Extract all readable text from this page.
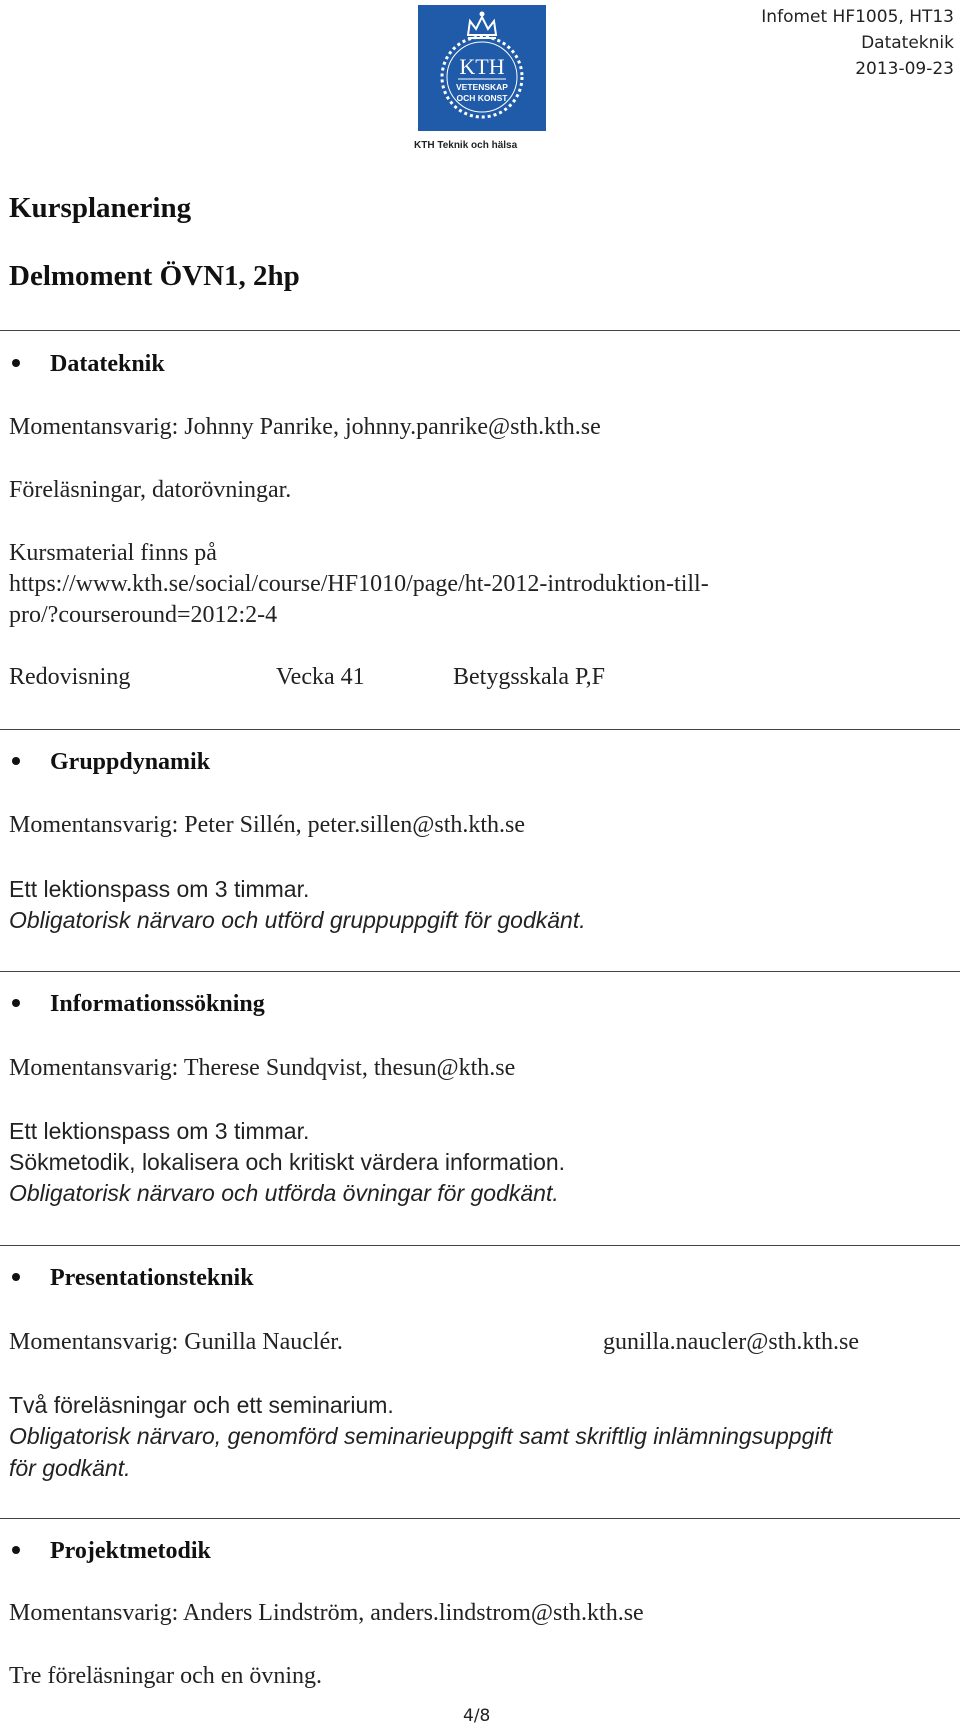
KTH
VETENSKAP
OCH KONST
KTH Teknik och hälsa
Infomet HF1005, HT13
Datateknik
2013-09-23
Kursplanering
Delmoment ÖVN1, 2hp
Datateknik
Momentansvarig: Johnny Panrike, johnny.panrike@sth.kth.se
Föreläsningar, datorövningar.
Kursmaterial finns på
https://www.kth.se/social/course/HF1010/page/ht-2012-introduktion-till-
pro/?courseround=2012:2-4
Redovisning	Vecka 41	Betygsskala P,F
Gruppdynamik
Momentansvarig: Peter Sillén, peter.sillen@sth.kth.se
Ett lektionspass om 3 timmar.
Obligatorisk närvaro och utförd gruppuppgift för godkänt.
Informationssökning
Momentansvarig: Therese Sundqvist, thesun@kth.se
Ett lektionspass om 3 timmar.
Sökmetodik, lokalisera och kritiskt värdera information.
Obligatorisk närvaro och utförda övningar för godkänt.
Presentationsteknik
Momentansvarig: Gunilla Nauclér.	gunilla.naucler@sth.kth.se
Två föreläsningar och ett seminarium.
Obligatorisk närvaro, genomförd seminarieuppgift samt skriftlig inlämningsuppgift
för godkänt.
Projektmetodik
Momentansvarig: Anders Lindström, anders.lindstrom@sth.kth.se
Tre föreläsningar och en övning.
4/8
